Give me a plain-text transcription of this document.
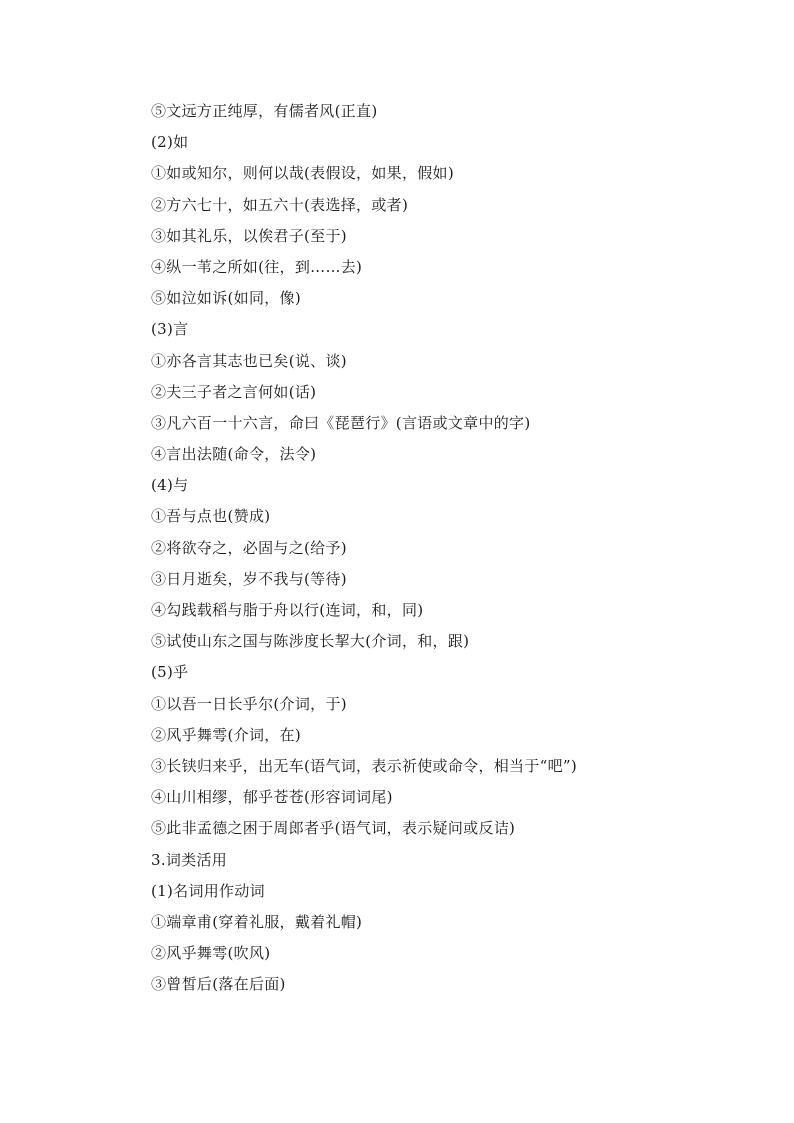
⑤文远方正纯厚，有儒者风(正直)
(2)如
①如或知尔，则何以哉(表假设，如果，假如)
②方六七十，如五六十(表选择，或者)
③如其礼乐，以俟君子(至于)
④纵一苇之所如(往，到……去)
⑤如泣如诉(如同，像)
(3)言
①亦各言其志也已矣(说、谈)
②夫三子者之言何如(话)
③凡六百一十六言，命曰《琵琶行》(言语或文章中的字)
④言出法随(命令，法令)
(4)与
①吾与点也(赞成)
②将欲夺之，必固与之(给予)
③日月逝矣，岁不我与(等待)
④勾践载稻与脂于舟以行(连词，和，同)
⑤试使山东之国与陈涉度长挈大(介词，和，跟)
(5)乎
①以吾一日长乎尔(介词，于)
②风乎舞雩(介词，在)
③长铗归来乎，出无车(语气词，表示祈使或命令，相当于“吧”)
④山川相缪，郁乎苍苍(形容词词尾)
⑤此非孟德之困于周郎者乎(语气词，表示疑问或反诘)
3.词类活用
(1)名词用作动词
①端章甫(穿着礼服，戴着礼帽)
②风乎舞雩(吹风)
③曾皙后(落在后面)
